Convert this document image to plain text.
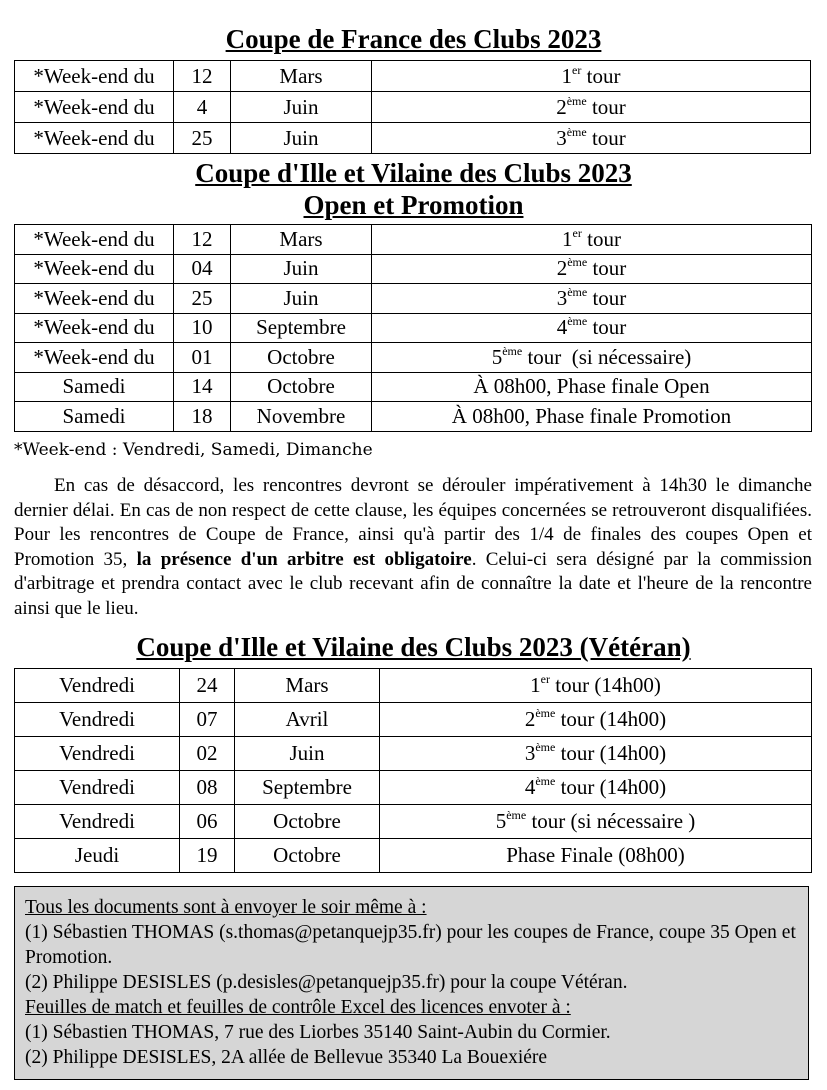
Coupe de France des Clubs 2023
*Week-end du	12	Mars	1er tour
*Week-end du	4	Juin	2ème tour
*Week-end du	25	Juin	3ème tour
Coupe d'Ille et Vilaine des Clubs 2023
Open et Promotion
*Week-end du	12	Mars	1er tour
*Week-end du	04	Juin	2ème tour
*Week-end du	25	Juin	3ème tour
*Week-end du	10	Septembre	4ème tour
*Week-end du	01	Octobre	5ème tour  (si nécessaire)
Samedi	14	Octobre	À 08h00, Phase finale Open
Samedi	18	Novembre	À 08h00, Phase finale Promotion
*Week-end : Vendredi, Samedi, Dimanche
En cas de désaccord, les rencontres devront se dérouler impérativement à 14h30 le dimanche dernier délai. En cas de non respect de cette clause, les équipes concernées se retrouveront disqualifiées. Pour les rencontres de Coupe de France, ainsi qu'à partir des 1/4 de finales des coupes Open et Promotion 35, la présence d'un arbitre est obligatoire. Celui-ci sera désigné par la commission d'arbitrage et prendra contact avec le club recevant afin de connaître la date et l'heure de la rencontre ainsi que le lieu.
Coupe d'Ille et Vilaine des Clubs 2023 (Vétéran)
Vendredi	24	Mars	1er tour (14h00)
Vendredi	07	Avril	2ème tour (14h00)
Vendredi	02	Juin	3ème tour (14h00)
Vendredi	08	Septembre	4ème tour (14h00)
Vendredi	06	Octobre	5ème tour (si nécessaire )
Jeudi	19	Octobre	Phase Finale (08h00)
Tous les documents sont à envoyer le soir même à :
(1) Sébastien THOMAS (s.thomas@petanquejp35.fr) pour les coupes de France, coupe 35 Open et Promotion.
(2) Philippe DESISLES (p.desisles@petanquejp35.fr) pour la coupe Vétéran.
Feuilles de match et feuilles de contrôle Excel des licences envoter à :
(1) Sébastien THOMAS, 7 rue des Liorbes 35140 Saint-Aubin du Cormier.
(2) Philippe DESISLES, 2A allée de Bellevue 35340 La Bouexiére
